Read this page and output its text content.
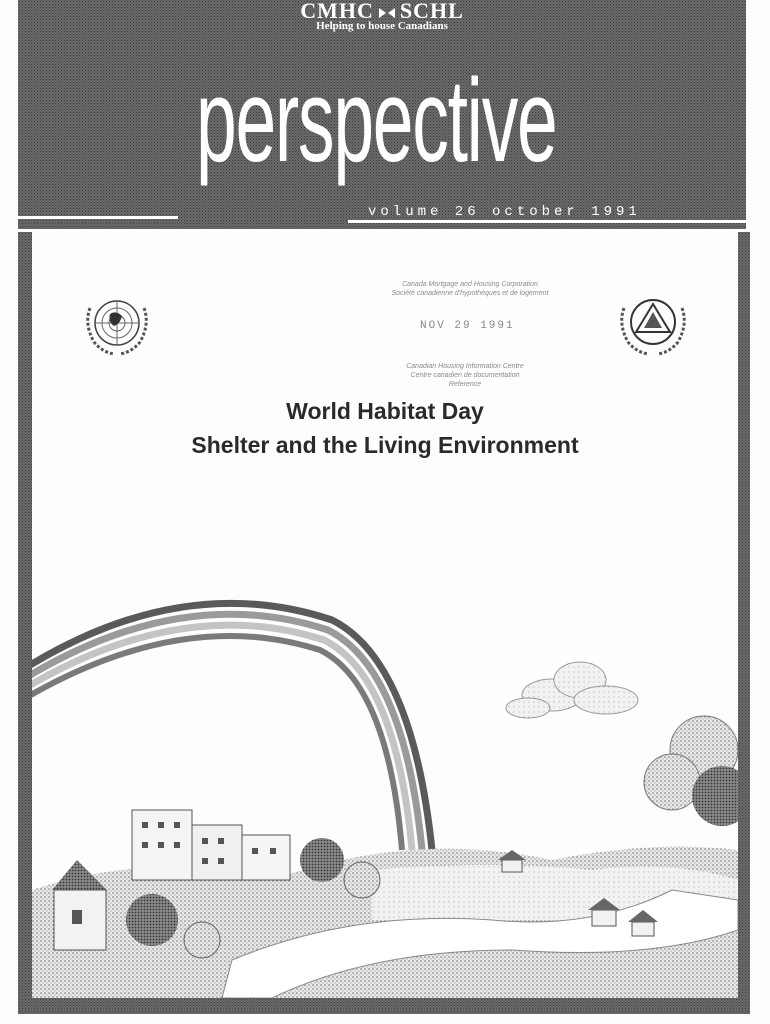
CMHC SCHL
Helping to house Canadians
perspective
volume 26 october 1991
Canada Mortgage and Housing Corporation
Société canadienne d'hypothèques et de logement
NOV 29 1991
Canadian Housing Information Centre
Centre canadien de documentation
Reference
World Habitat Day
Shelter and the Living Environment
